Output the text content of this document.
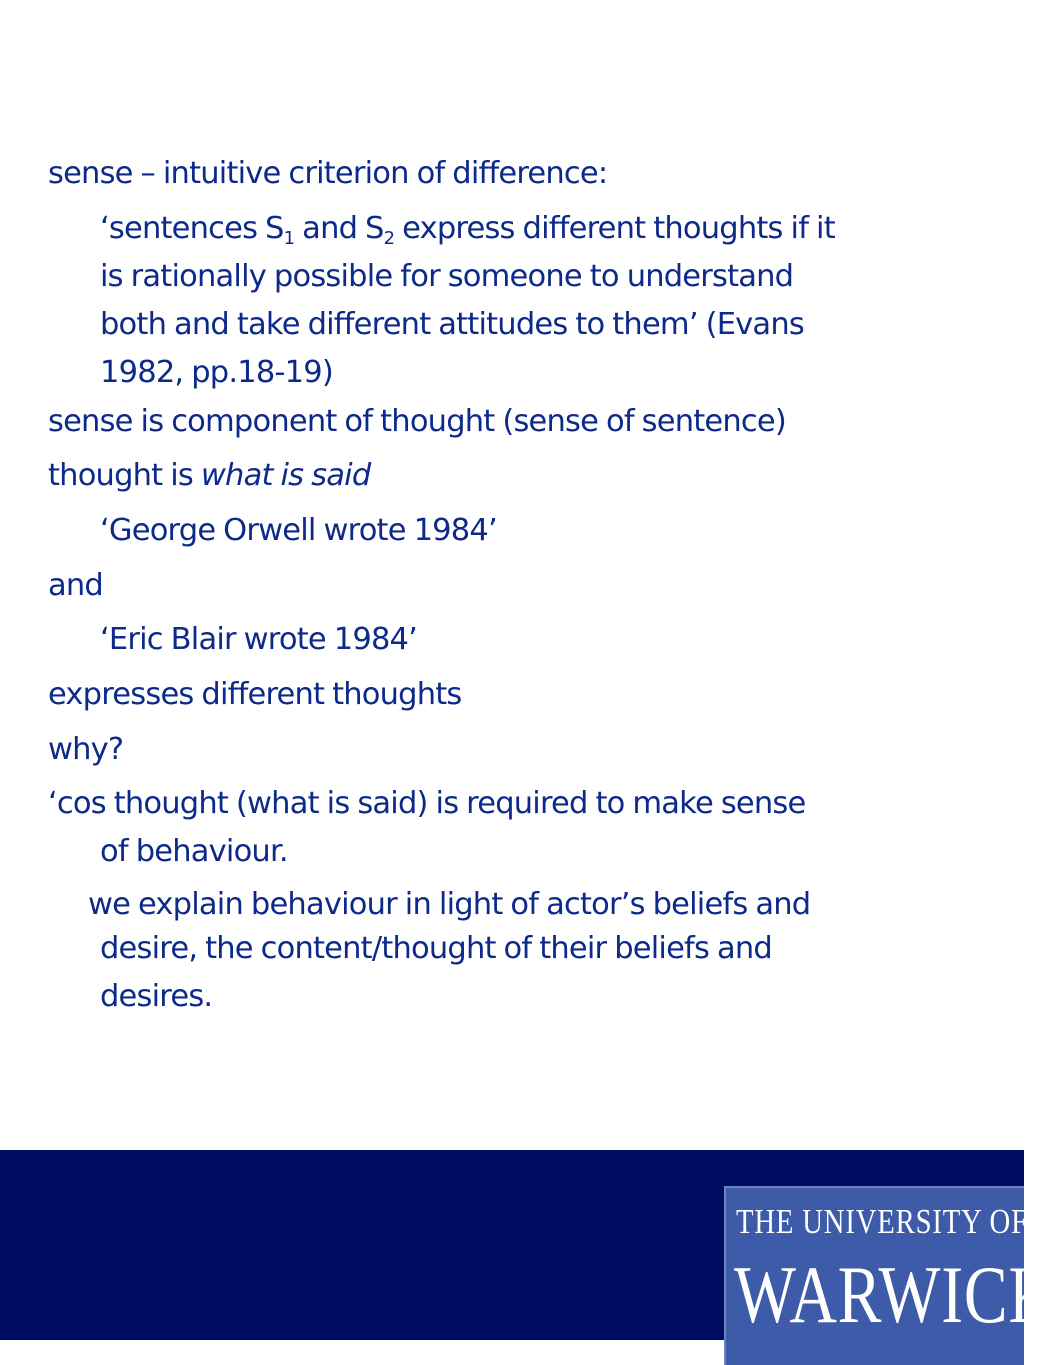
sense – intuitive criterion of difference:
‘sentences $S_1$ and $S_2$ express different thoughts if it
is rationally possible for someone to understand
both and take different attitudes to them’ (Evans
1982, pp.18-19)
sense is component of thought (sense of sentence)
thought is what is said
‘George Orwell wrote 1984’
and
‘Eric Blair wrote 1984’
expresses different thoughts
why?
‘cos thought (what is said) is required to make sense
of behaviour.
we explain behaviour in light of actor’s beliefs and
desire, the content/thought of their beliefs and
desires.
THE UNIVERSITY OF
WARWICK
